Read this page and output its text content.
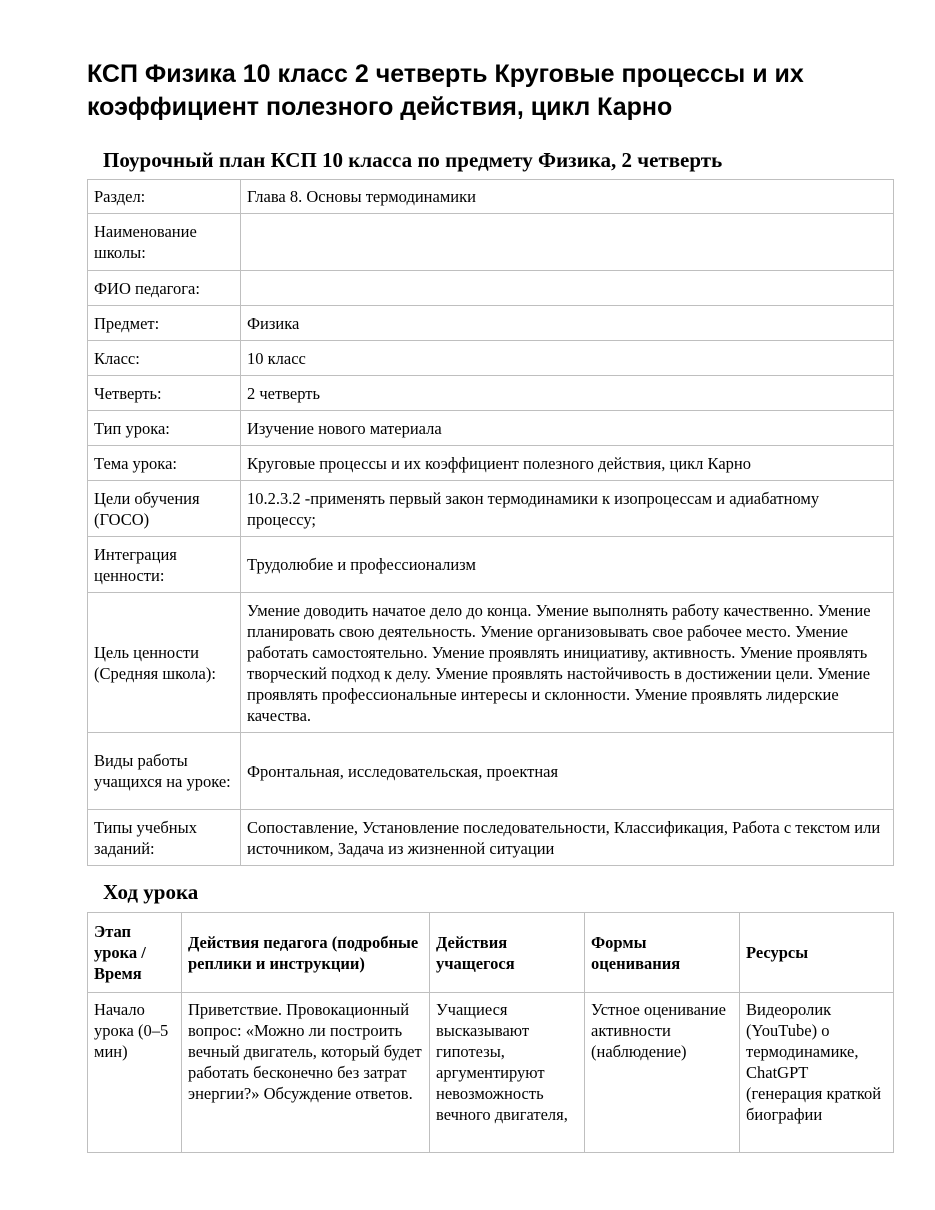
КСП Физика 10 класс 2 четверть Круговые процессы и их коэффициент полезного действия, цикл Карно
Поурочный план КСП 10 класса по предмету Физика, 2 четверть
Раздел:	Глава 8. Основы термодинамики
Наименование школы:	
ФИО педагога:	
Предмет:	Физика
Класс:	10 класс
Четверть:	2 четверть
Тип урока:	Изучение нового материала
Тема урока:	Круговые процессы и их коэффициент полезного действия, цикл Карно
Цели обучения (ГОСО)	10.2.3.2 -применять первый закон термодинамики к изопроцессам и адиабатному процессу;
Интеграция ценности:	Трудолюбие и профессионализм
Цель ценности (Средняя школа):	Умение доводить начатое дело до конца. Умение выполнять работу качественно. Умение планировать свою деятельность. Умение организовывать свое рабочее место. Умение работать самостоятельно. Умение проявлять инициативу, активность. Умение проявлять творческий подход к делу. Умение проявлять настойчивость в достижении цели. Умение проявлять профессиональные интересы и склонности. Умение проявлять лидерские качества.
Виды работы учащихся на уроке:	Фронтальная, исследовательская, проектная
Типы учебных заданий:	Сопоставление, Установление последовательности, Классификация, Работа с текстом или источником, Задача из жизненной ситуации
Ход урока
Этап урока / Время	Действия педагога (подробные реплики и инструкции)	Действия учащегося	Формы оценивания	Ресурсы
Начало урока (0–5 мин)	Приветствие. Провокационный вопрос: «Можно ли построить вечный двигатель, который будет работать бесконечно без затрат энергии?» Обсуждение ответов.	Учащиеся высказывают гипотезы, аргументируют невозможность вечного двигателя,	Устное оценивание активности (наблюдение)	Видеоролик (YouTube) о термодинамике, ChatGPT (генерация краткой биографии
